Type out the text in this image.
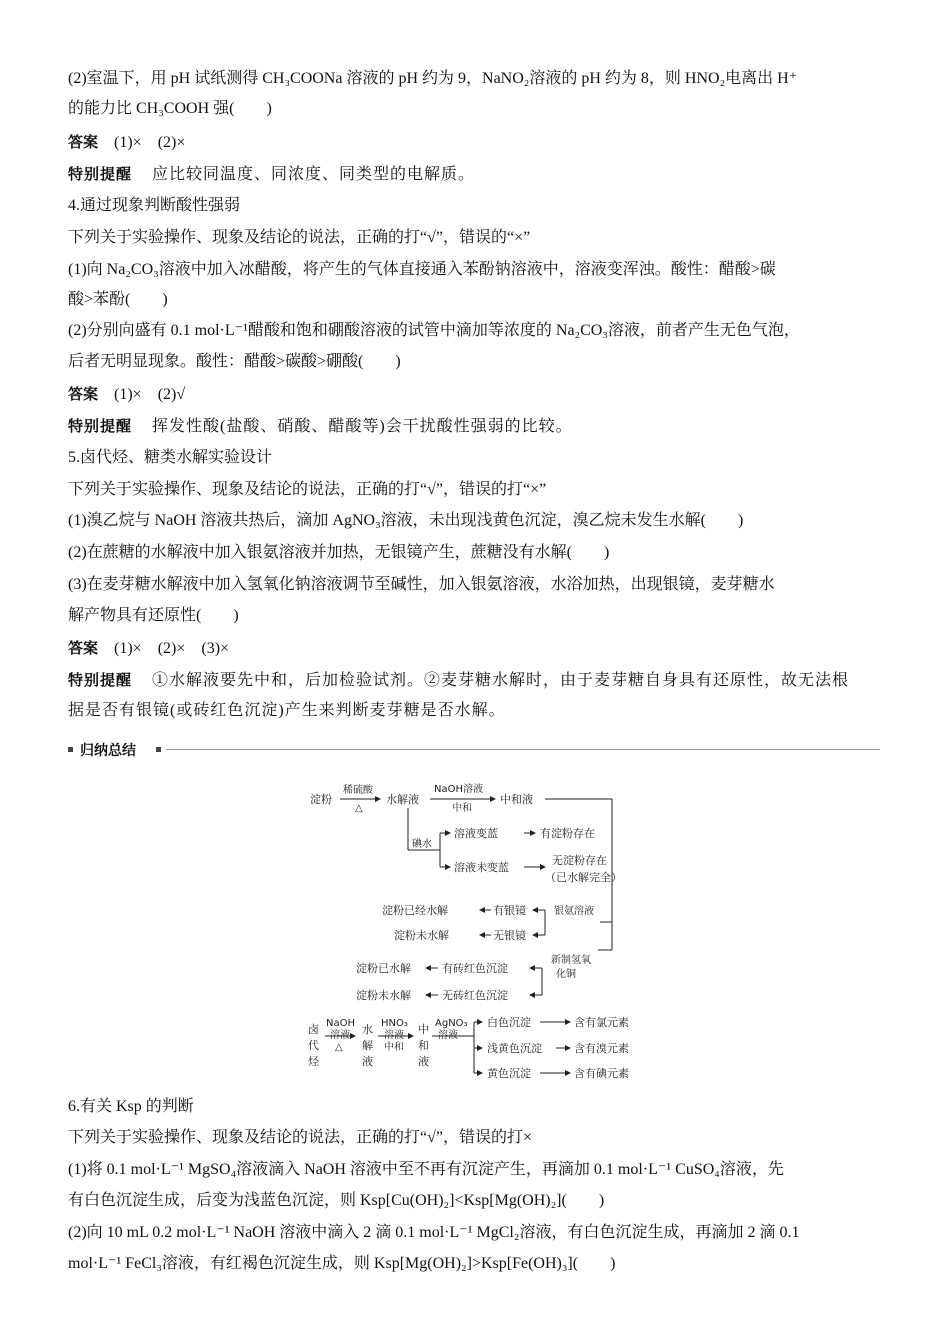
(2)室温下，用 pH 试纸测得 CH₃COONa 溶液的 pH 约为 9，NaNO₂溶液的 pH 约为 8，则 HNO₂电离出 H⁺
的能力比 CH₃COOH 强(　　)
答案 (1)×　(2)×
特别提醒 应比较同温度、同浓度、同类型的电解质。
4.通过现象判断酸性强弱
下列关于实验操作、现象及结论的说法，正确的打“√”，错误的“×”
(1)向 Na₂CO₃溶液中加入冰醋酸，将产生的气体直接通入苯酚钠溶液中，溶液变浑浊。酸性：醋酸>碳
酸>苯酚(　　)
(2)分别向盛有 0.1 mol·L⁻¹醋酸和饱和硼酸溶液的试管中滴加等浓度的 Na₂CO₃溶液，前者产生无色气泡，
后者无明显现象。酸性：醋酸>碳酸>硼酸(　　)
答案 (1)×　(2)√
特别提醒 挥发性酸(盐酸、硝酸、醋酸等)会干扰酸性强弱的比较。
5.卤代烃、糖类水解实验设计
下列关于实验操作、现象及结论的说法，正确的打“√”，错误的打“×”
(1)溴乙烷与 NaOH 溶液共热后，滴加 AgNO₃溶液，未出现浅黄色沉淀，溴乙烷未发生水解(　　)
(2)在蔗糖的水解液中加入银氨溶液并加热，无银镜产生，蔗糖没有水解(　　)
(3)在麦芽糖水解液中加入氢氧化钠溶液调节至碱性，加入银氨溶液，水浴加热，出现银镜，麦芽糖水
解产物具有还原性(　　)
答案 (1)×　(2)×　(3)×
特别提醒 ①水解液要先中和，后加检验试剂。②麦芽糖水解时，由于麦芽糖自身具有还原性，故无法根
据是否有银镜(或砖红色沉淀)产生来判断麦芽糖是否水解。
归纳总结
淀粉
稀硫酸
△
水解液
NaOH溶液
中和
中和液
碘水
溶液变蓝	有淀粉存在
溶液未变蓝
无淀粉存在
（已水解完全）
银氨溶液
淀粉已经水解	有银镜
淀粉未水解	无银镜
新制氢氧
化铜
淀粉已水解	有砖红色沉淀
淀粉未水解	无砖红色沉淀
卤
代
烃
NaOH
溶液
△
水
解
液
HNO₃
溶液
中和
中
和
液
AgNO₃
溶液
白色沉淀	含有氯元素
浅黄色沉淀	含有溴元素
黄色沉淀	含有碘元素
6.有关 Ksp 的判断
下列关于实验操作、现象及结论的说法，正确的打“√”，错误的打×
(1)将 0.1 mol·L⁻¹ MgSO₄溶液滴入 NaOH 溶液中至不再有沉淀产生，再滴加 0.1 mol·L⁻¹ CuSO₄溶液，先
有白色沉淀生成，后变为浅蓝色沉淀，则 Ksp[Cu(OH)₂]<Ksp[Mg(OH)₂](　　)
(2)向 10 mL 0.2 mol·L⁻¹ NaOH 溶液中滴入 2 滴 0.1 mol·L⁻¹ MgCl₂溶液，有白色沉淀生成，再滴加 2 滴 0.1
mol·L⁻¹ FeCl₃溶液，有红褐色沉淀生成，则 Ksp[Mg(OH)₂]>Ksp[Fe(OH)₃](　　)
